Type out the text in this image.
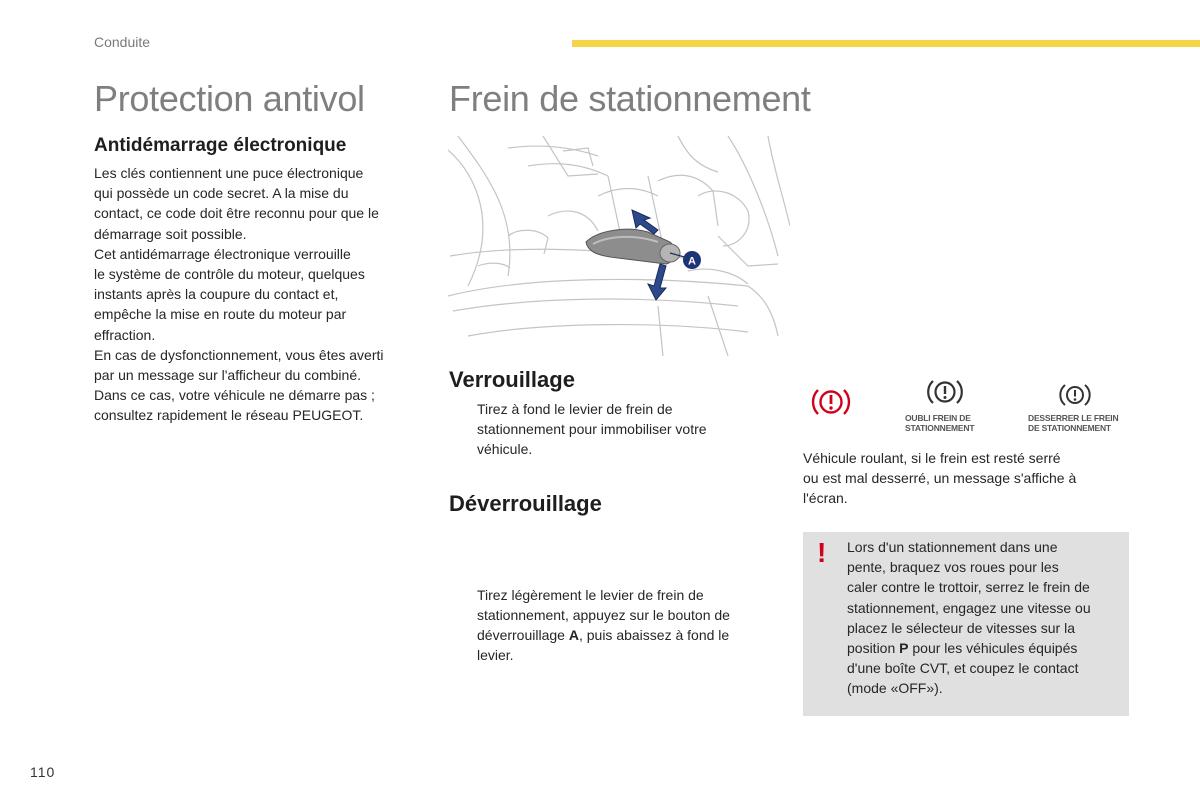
Conduite
Protection antivol
Antidémarrage électronique
Les clés contiennent une puce électronique
qui possède un code secret. A la mise du
contact, ce code doit être reconnu pour que le
démarrage soit possible.
Cet antidémarrage électronique verrouille
le système de contrôle du moteur, quelques
instants après la coupure du contact et,
empêche la mise en route du moteur par
effraction.
En cas de dysfonctionnement, vous êtes averti
par un message sur l'afficheur du combiné.
Dans ce cas, votre véhicule ne démarre pas ;
consultez rapidement le réseau PEUGEOT.
Frein de stationnement
A
Verrouillage
Tirez à fond le levier de frein de
stationnement pour immobiliser votre
véhicule.
Déverrouillage
Tirez légèrement le levier de frein de
stationnement, appuyez sur le bouton de
déverrouillage A, puis abaissez à fond le
levier.
OUBLI FREIN DE
STATIONNEMENT
DESSERRER LE FREIN
DE STATIONNEMENT
Véhicule roulant, si le frein est resté serré
ou est mal desserré, un message s'affiche à
l'écran.
! Lors d'un stationnement dans une
pente, braquez vos roues pour les
caler contre le trottoir, serrez le frein de
stationnement, engagez une vitesse ou
placez le sélecteur de vitesses sur la
position P pour les véhicules équipés
d'une boîte CVT, et coupez le contact
(mode «OFF»).
110
